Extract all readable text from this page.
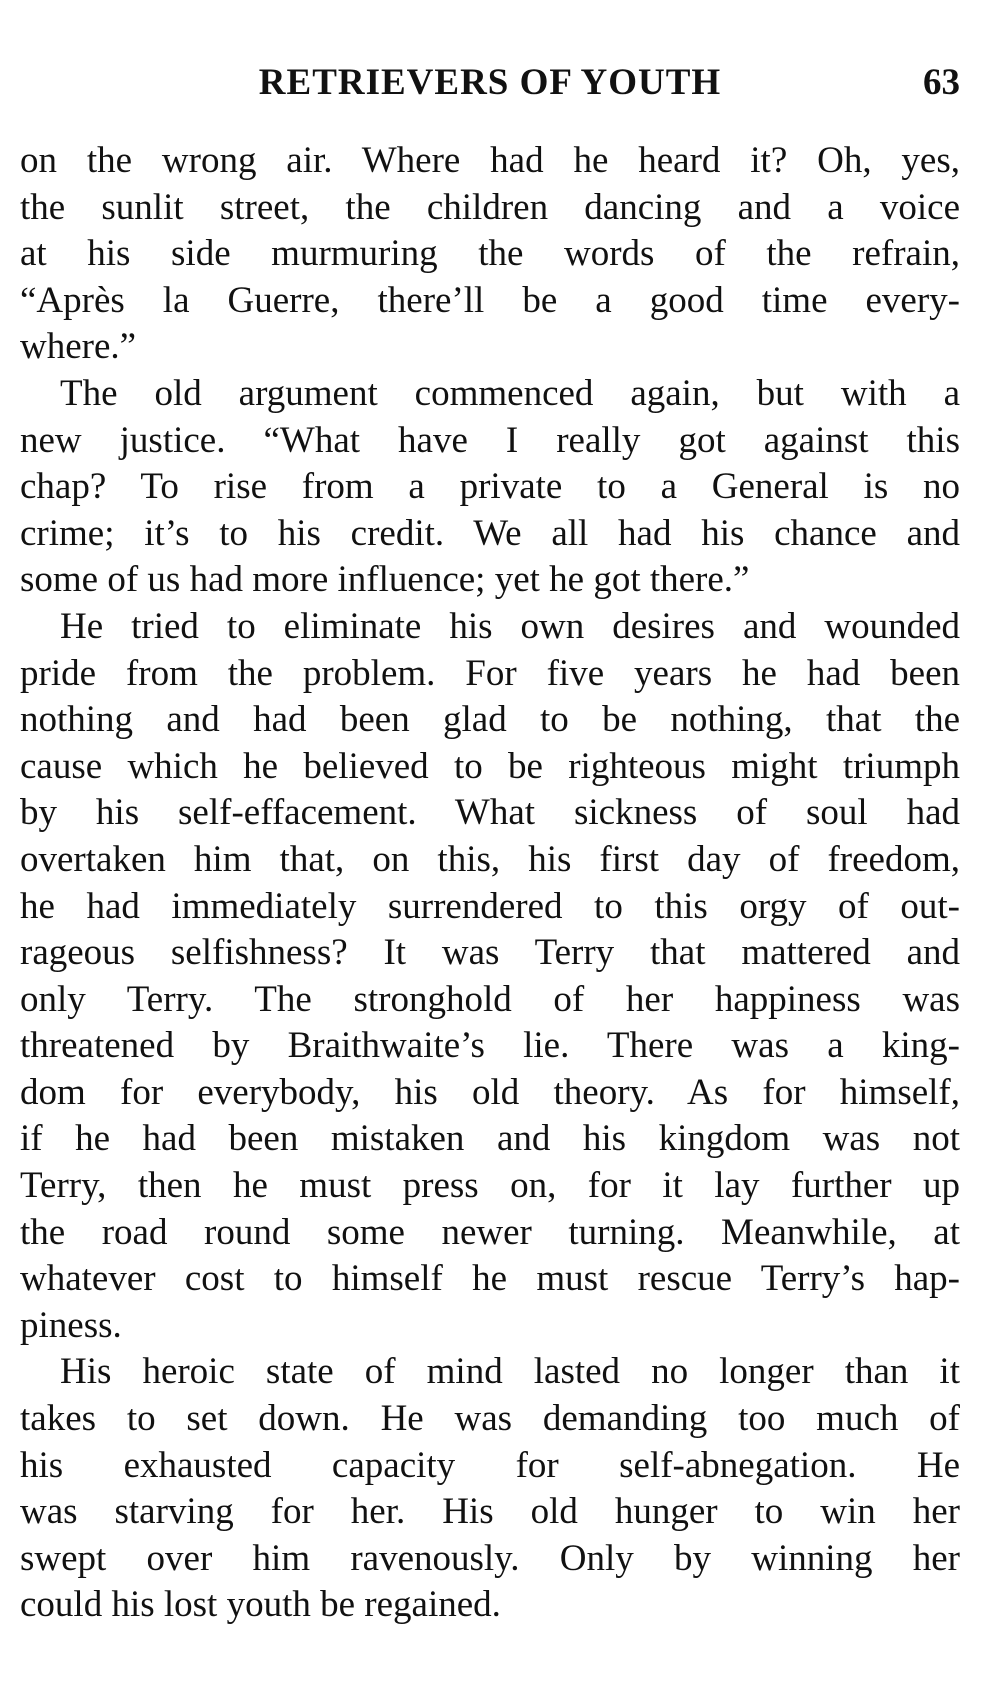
RETRIEVERS OF YOUTH	63

on the wrong air. Where had he heard it? Oh, yes,
the sunlit street, the children dancing and a voice
at his side murmuring the words of the refrain,
“Après la Guerre, there’ll be a good time every-
where.”

The old argument commenced again, but with a
new justice. “What have I really got against this
chap? To rise from a private to a General is no
crime; it’s to his credit. We all had his chance and
some of us had more influence; yet he got there.”

He tried to eliminate his own desires and wounded
pride from the problem. For five years he had been
nothing and had been glad to be nothing, that the
cause which he believed to be righteous might triumph
by his self-effacement. What sickness of soul had
overtaken him that, on this, his first day of freedom,
he had immediately surrendered to this orgy of out-
rageous selfishness? It was Terry that mattered and
only Terry. The stronghold of her happiness was
threatened by Braithwaite’s lie. There was a king-
dom for everybody, his old theory. As for himself,
if he had been mistaken and his kingdom was not
Terry, then he must press on, for it lay further up
the road round some newer turning. Meanwhile, at
whatever cost to himself he must rescue Terry’s hap-
piness.

His heroic state of mind lasted no longer than it
takes to set down. He was demanding too much of
his exhausted capacity for self-abnegation. He
was starving for her. His old hunger to win her
swept over him ravenously. Only by winning her
could his lost youth be regained.
